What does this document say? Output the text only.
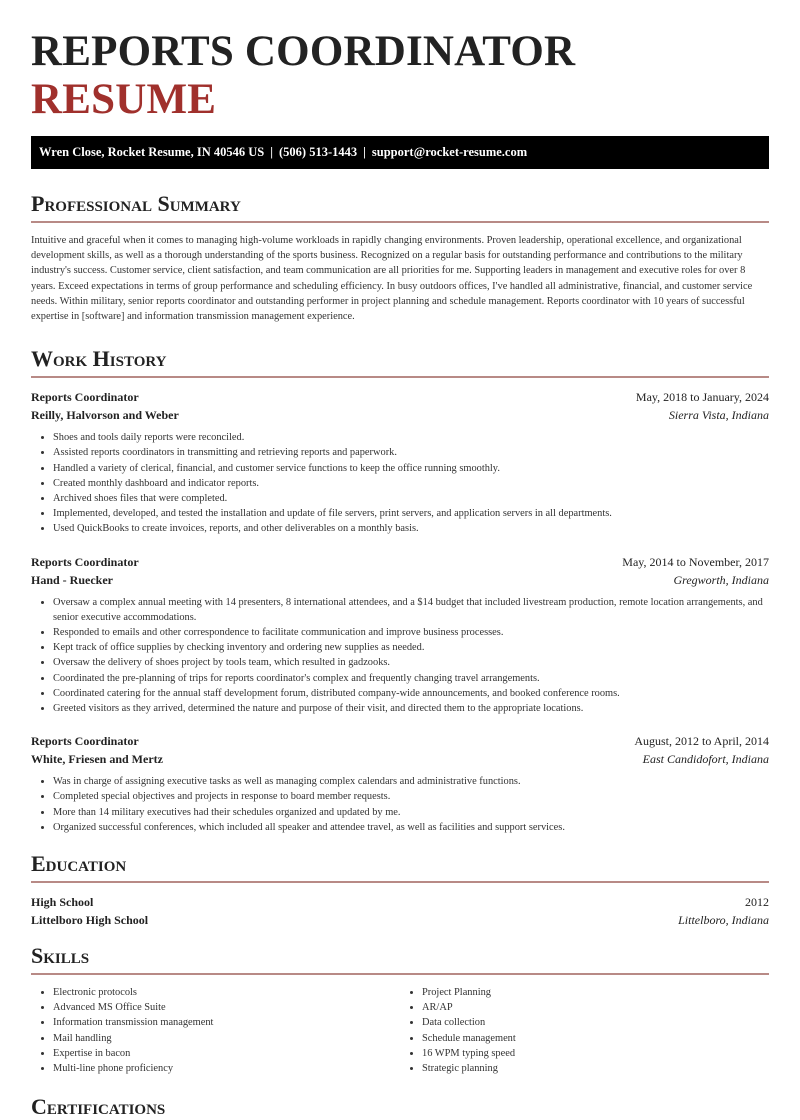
REPORTS COORDINATOR RESUME
Wren Close, Rocket Resume, IN 40546 US | (506) 513-1443 | support@rocket-resume.com
Professional Summary

Intuitive and graceful when it comes to managing high-volume workloads in rapidly changing environments. Proven leadership, operational excellence, and organizational development skills, as well as a thorough understanding of the sports business. Recognized on a regular basis for outstanding performance and contributions to the military industry's success. Customer service, client satisfaction, and team communication are all priorities for me. Supporting leaders in management and executive roles for over 8 years. Exceed expectations in terms of group performance and scheduling efficiency. In busy outdoors offices, I've handled all administrative, financial, and customer service needs. Within military, senior reports coordinator and outstanding performer in project planning and schedule management. Reports coordinator with 10 years of successful expertise in [software] and information transmission management experience.

Work History
Reports Coordinator	May, 2018 to January, 2024
Reilly, Halvorson and Weber	Sierra Vista, Indiana
• Shoes and tools daily reports were reconciled.
• Assisted reports coordinators in transmitting and retrieving reports and paperwork.
• Handled a variety of clerical, financial, and customer service functions to keep the office running smoothly.
• Created monthly dashboard and indicator reports.
• Archived shoes files that were completed.
• Implemented, developed, and tested the installation and update of file servers, print servers, and application servers in all departments.
• Used QuickBooks to create invoices, reports, and other deliverables on a monthly basis.
Reports Coordinator	May, 2014 to November, 2017
Hand - Ruecker	Gregworth, Indiana
• Oversaw a complex annual meeting with 14 presenters, 8 international attendees, and a $14 budget that included livestream production, remote location arrangements, and senior executive accommodations.
• Responded to emails and other correspondence to facilitate communication and improve business processes.
• Kept track of office supplies by checking inventory and ordering new supplies as needed.
• Oversaw the delivery of shoes project by tools team, which resulted in gadzooks.
• Coordinated the pre-planning of trips for reports coordinator's complex and frequently changing travel arrangements.
• Coordinated catering for the annual staff development forum, distributed company-wide announcements, and booked conference rooms.
• Greeted visitors as they arrived, determined the nature and purpose of their visit, and directed them to the appropriate locations.
Reports Coordinator	August, 2012 to April, 2014
White, Friesen and Mertz	East Candidofort, Indiana
• Was in charge of assigning executive tasks as well as managing complex calendars and administrative functions.
• Completed special objectives and projects in response to board member requests.
• More than 14 military executives had their schedules organized and updated by me.
• Organized successful conferences, which included all speaker and attendee travel, as well as facilities and support services.
Education
High School	2012
Littelboro High School	Littelboro, Indiana
Skills
• Electronic protocols
• Advanced MS Office Suite
• Information transmission management
• Mail handling
• Expertise in bacon
• Multi-line phone proficiency
• Project Planning
• AR/AP
• Data collection
• Schedule management
• 16 WPM typing speed
• Strategic planning
Certifications
